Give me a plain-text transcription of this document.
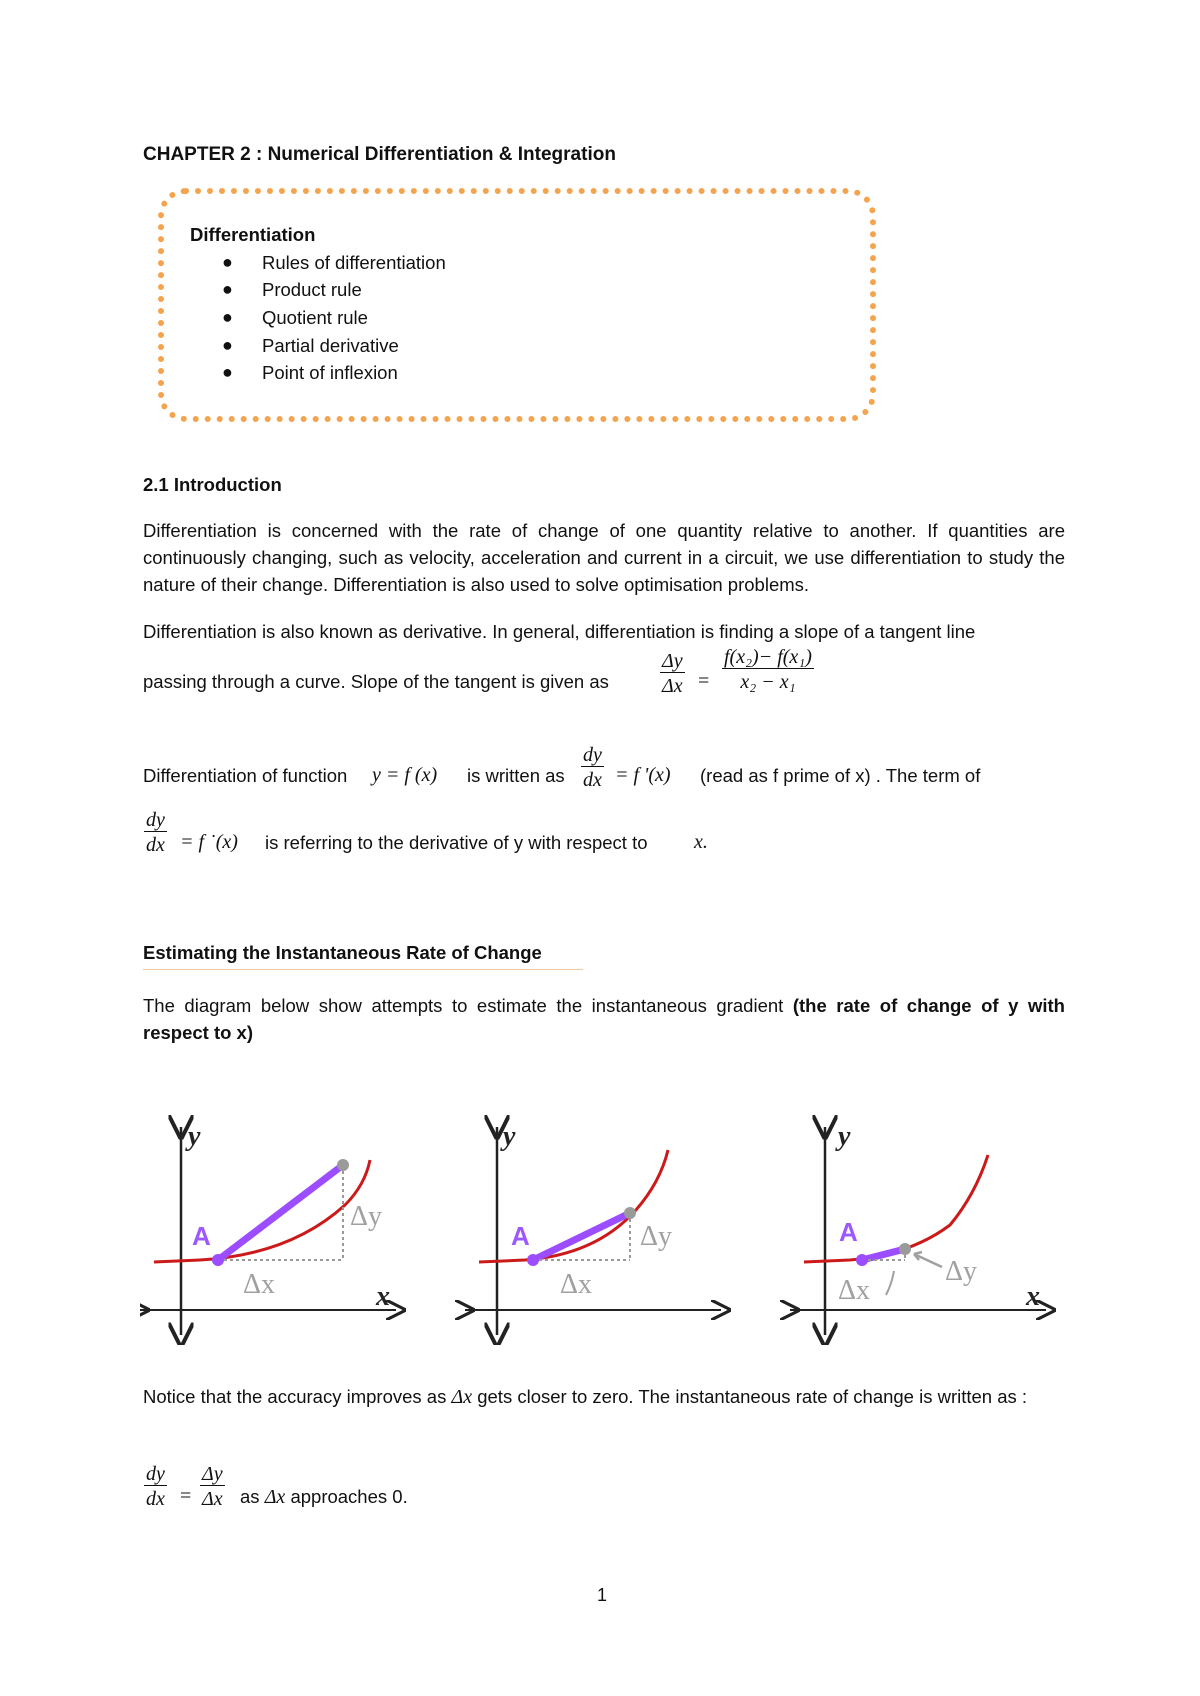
CHAPTER 2 : Numerical Differentiation & Integration
Differentiation
● Rules of differentiation
● Product rule
● Quotient rule
● Partial derivative
● Point of inflexion
2.1 Introduction
Differentiation is concerned with the rate of change of one quantity relative to another. If quantities are continuously changing, such as velocity, acceleration and current in a circuit, we use differentiation to study the nature of their change. Differentiation is also used to solve optimisation problems.
Differentiation is also known as derivative. In general, differentiation is finding a slope of a tangent line
passing through a curve. Slope of the tangent is given as	$\frac{\Delta y}{\Delta x} = \frac{\text{f(x₂)− f(x₁)}}{\text{x₂ − x₁}}$
Differentiation of function y = f (x) is written as $\frac{dy}{dx} = f$ '(x) (read as f prime of x) . The term of
$\frac{dy}{dx} = f$ ˙(x) is referring to the derivative of y with respect to x.
Estimating the Instantaneous Rate of Change
The diagram below show attempts to estimate the instantaneous gradient (the rate of change of y with respect to x)
A
Δx
Δy
x
y
A
Δx
Δy
y
A
Δx
Δy
x
y
Notice that the accuracy improves as Δx gets closer to zero. The instantaneous rate of change is written as :
$\frac{dy}{dx} = \frac{\Delta y}{\Delta x}$ as Δx approaches 0.
1
